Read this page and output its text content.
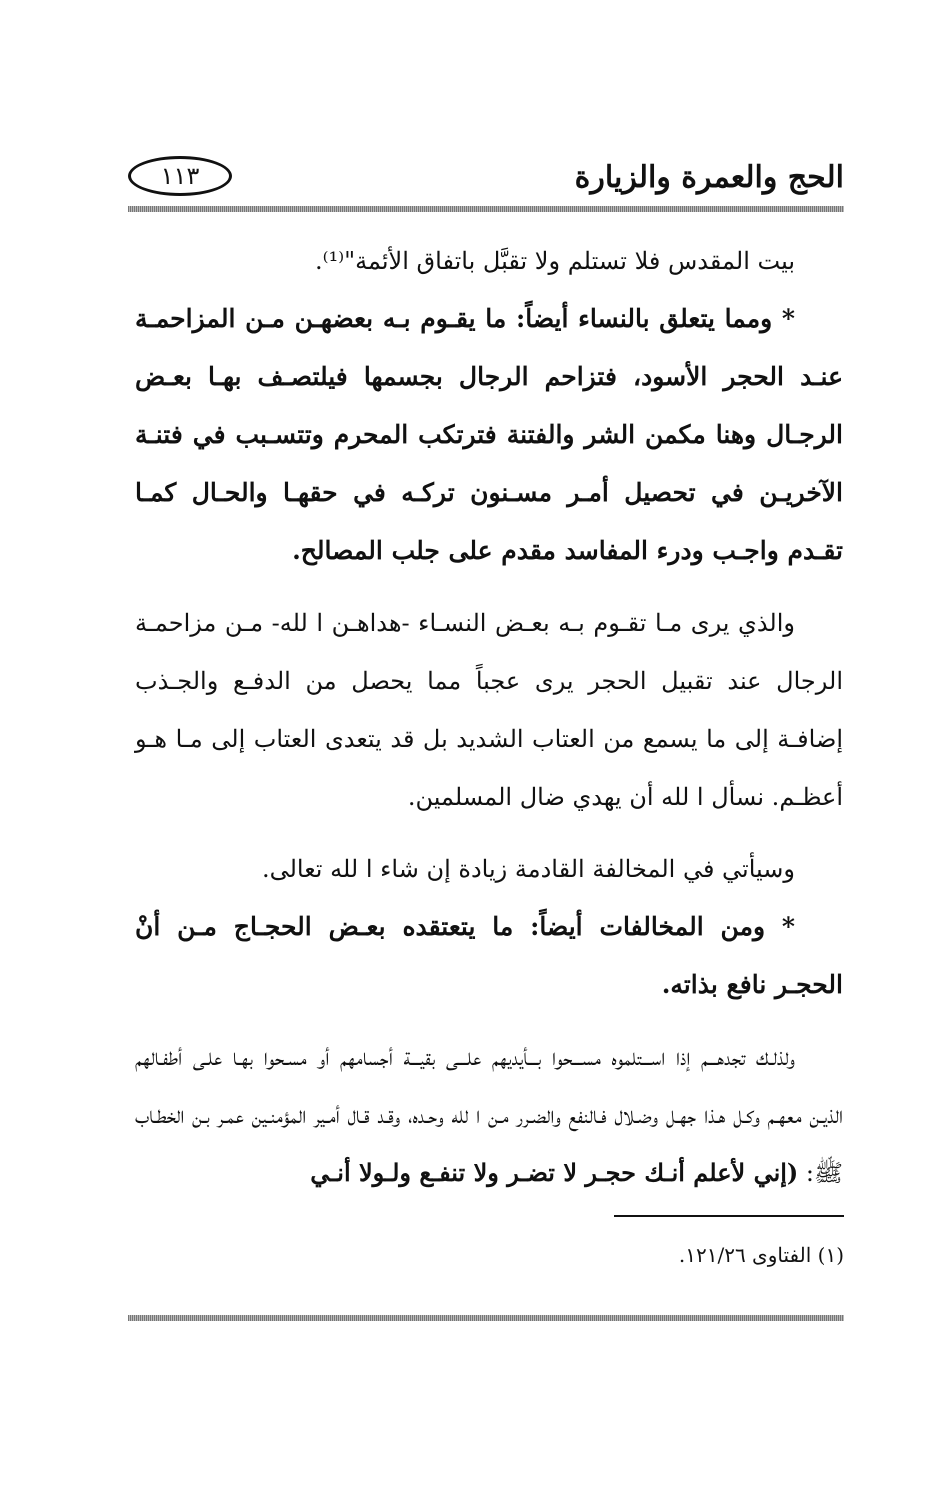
الحج والعمرة والزيارة
١١٣

بيت المقدس فلا تستلم ولا تقبَّل باتفاق الأئمة"⁽¹⁾.

* ومما يتعلق بالنساء أيضاً: ما يقـوم بـه بعضهـن مـن المزاحمـة عنـد الحجر الأسود، فتزاحم الرجال بجسمها فيلتصـف بهـا بعـض الرجـال وهنا مكمن الشر والفتنة فترتكب المحرم وتتسـبب في فتنـة الآخريـن في تحصيل أمـر مسـنون تركـه في حقهـا والحـال كمـا تقـدم واجـب ودرء المفاسد مقدم على جلب المصالح.

والذي يرى مـا تقـوم بـه بعـض النسـاء -هداهـن ا لله- مـن مزاحمـة الرجال عند تقبيل الحجر يرى عجباً مما يحصل من الدفـع والجـذب إضافـة إلى ما يسمع من العتاب الشديد بل قد يتعدى العتاب إلى مـا هـو أعظـم. نسأل ا لله أن يهدي ضال المسلمين.

وسيأتي في المخالفة القادمة زيادة إن شاء ا لله تعالى.

* ومن المخالفات أيضاً: ما يتعتقده بعـض الحجـاج مـن أنْ الحجـر نافع بذاته.

ولذلـك تجدهـــم إذا اســـتلموه مســـحوا بـــأيديهم علـــى بقيـــة أجسامهم أو مسـحوا بهـا علـى أطفـالهم الذيـن معهـم وكـل هـذا جهـل وضـلال فـالنفع والضـرر مـن ا لله وحـده، وقـد قـال أمـير المؤمنـين عمـر بـن الخطـاب ﷺ: (إني لأعلم أنـك حجـر لا تضـر ولا تنفـع ولـولا أنـي

(١) الفتاوى ١٢١/٢٦.
